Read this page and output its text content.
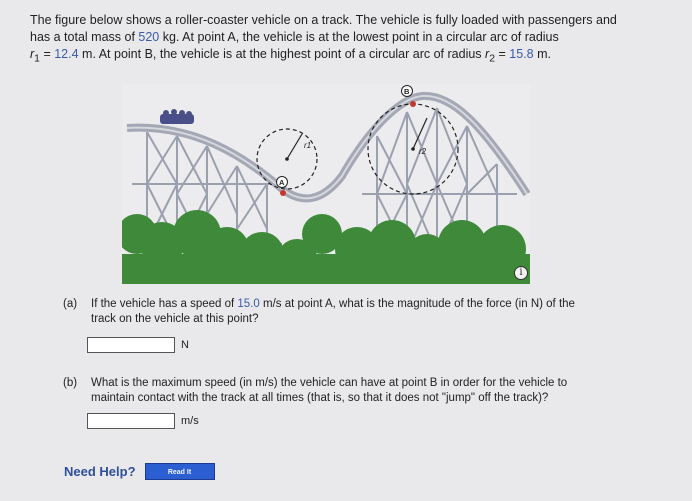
The figure below shows a roller-coaster vehicle on a track. The vehicle is fully loaded with passengers and
has a total mass of 520 kg. At point A, the vehicle is at the lowest point in a circular arc of radius
$r_1 = 12.4$ m. At point B, the vehicle is at the highest point of a circular arc of radius $r_2 = 15.8$ m.
r1
A
r2
B
i
(a) If the vehicle has a speed of 15.0 m/s at point A, what is the magnitude of the force (in N) of the
track on the vehicle at this point?
N
(b) What is the maximum speed (in m/s) the vehicle can have at point B in order for the vehicle to
maintain contact with the track at all times (that is, so that it does not "jump" off the track)?
m/s
Need Help?	Read It
